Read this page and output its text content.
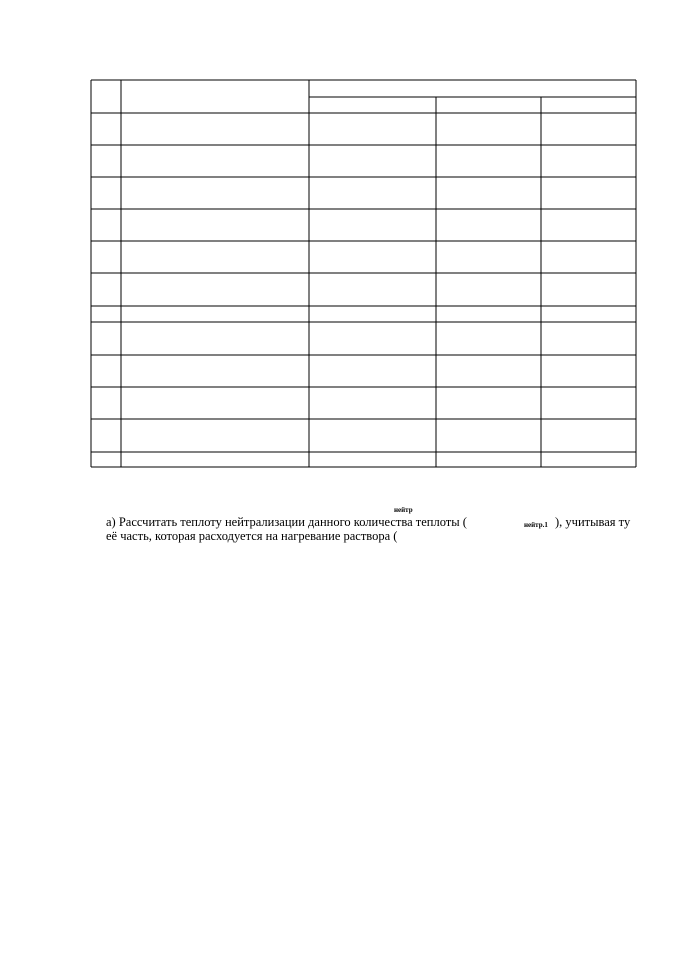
нейтр
а) Рассчитать теплоту нейтрализации данного количества теплоты (	нейтр.1 ), учитывая ту
её часть, которая расходуется на нагревание раствора (
